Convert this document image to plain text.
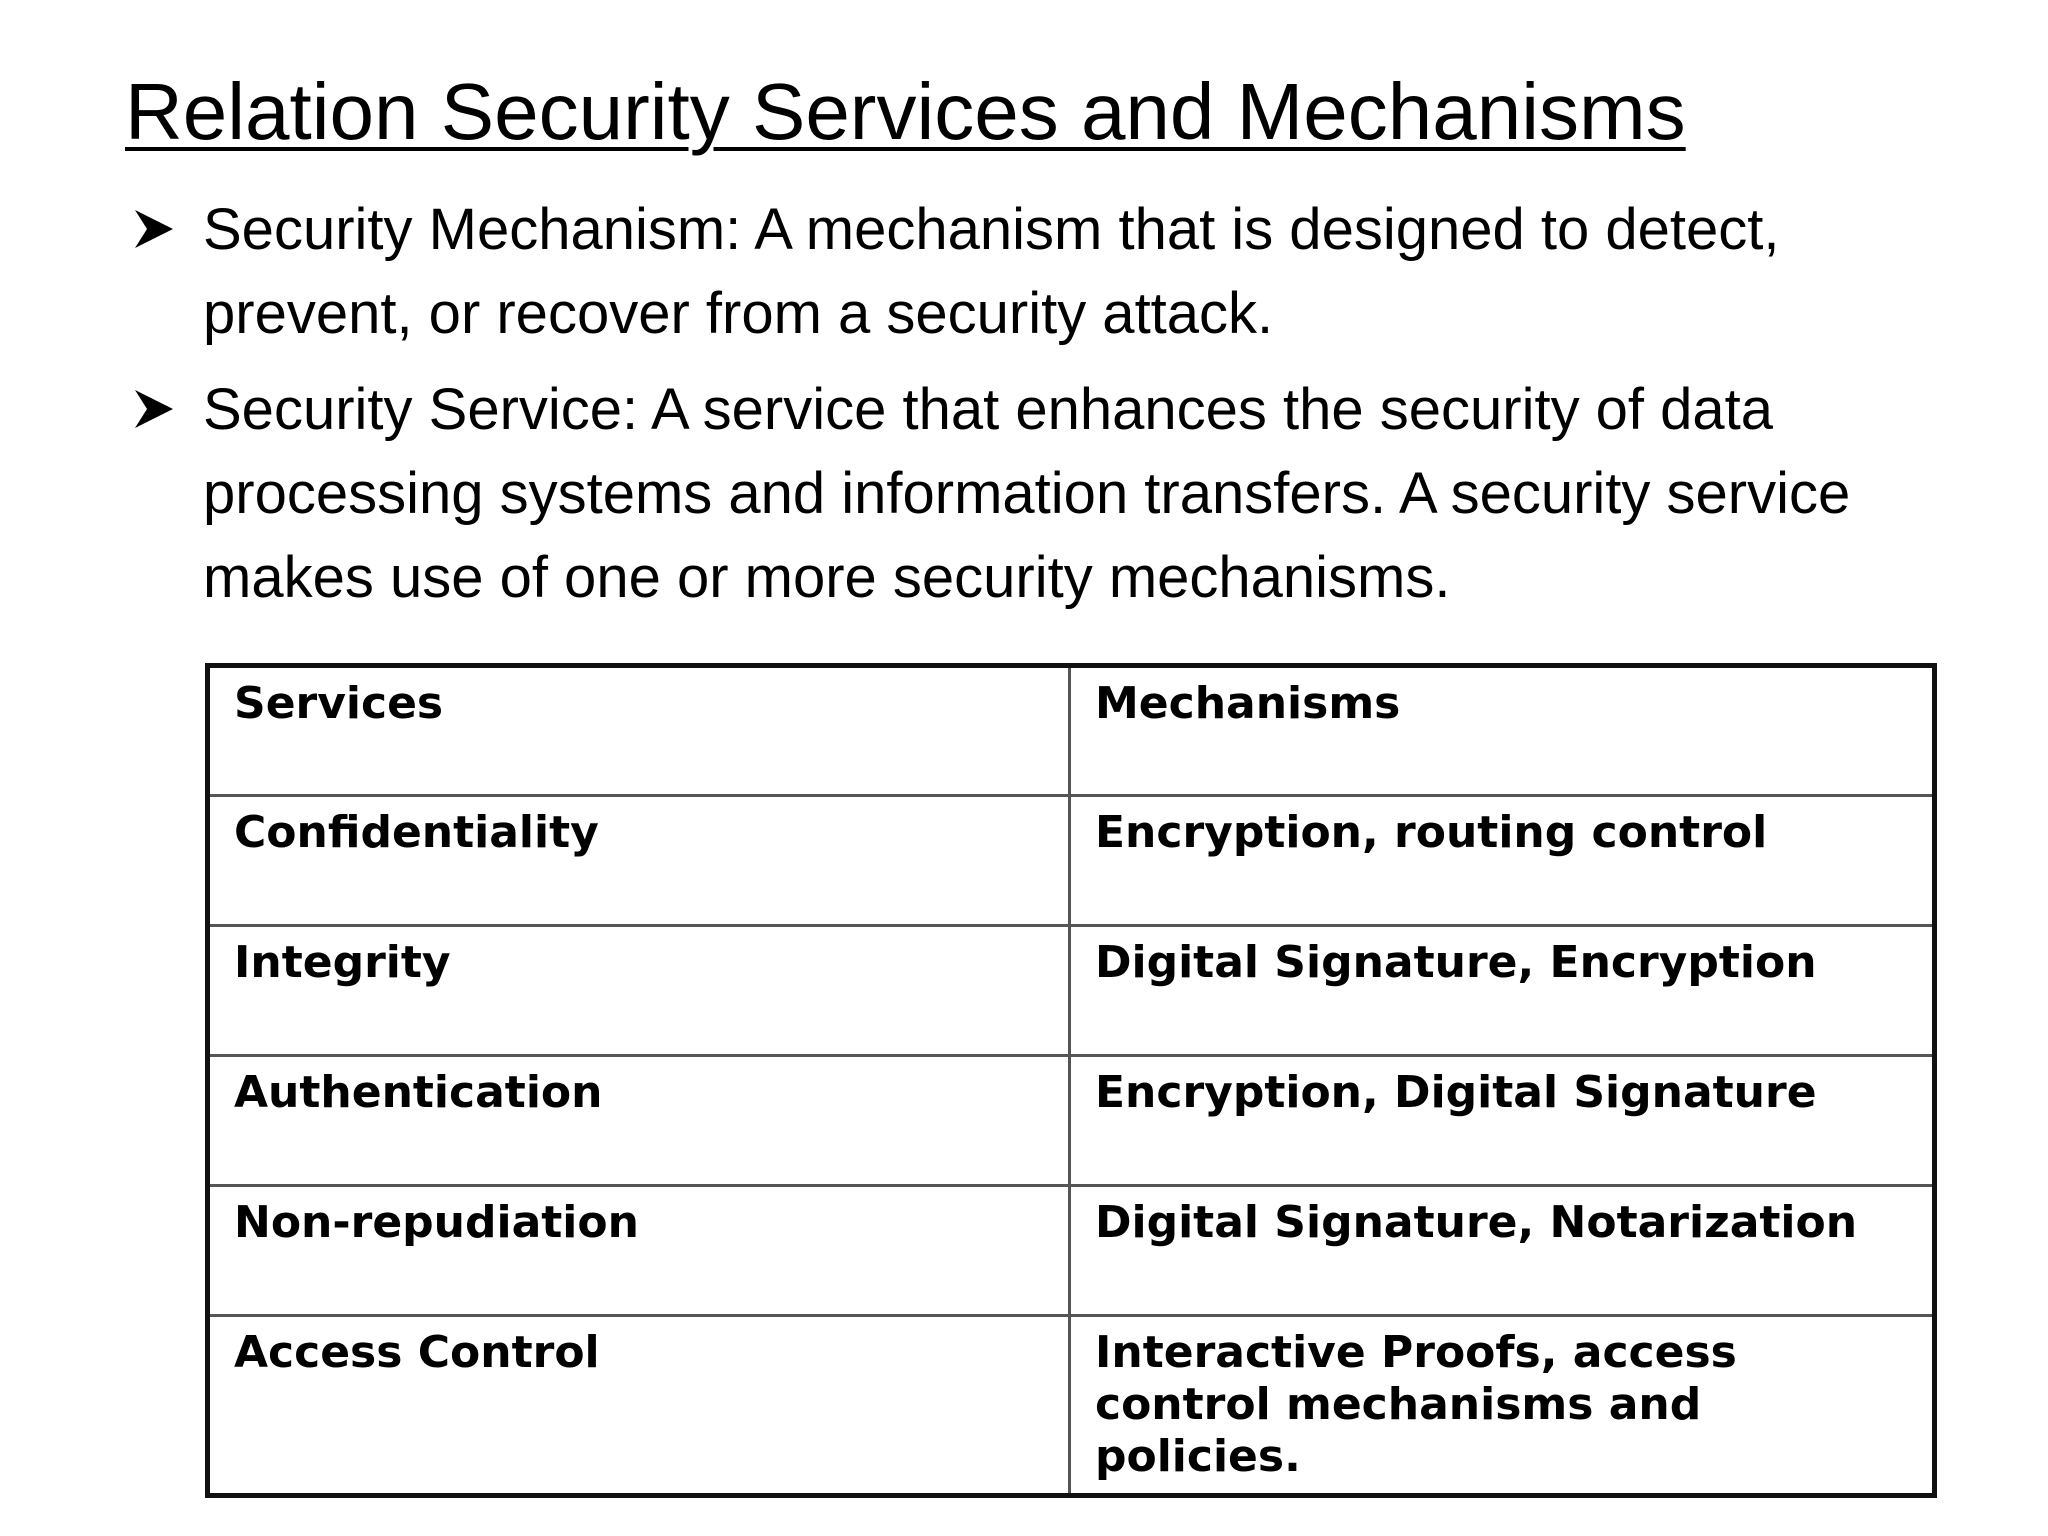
Relation Security Services and Mechanisms
Security Mechanism: A mechanism that is designed to detect, prevent, or recover from a security attack.
Security Service: A service that enhances the security of data processing systems and information transfers. A security service makes use of one or more security mechanisms.
Services	Mechanisms
Confidentiality	Encryption, routing control
Integrity	Digital Signature, Encryption
Authentication	Encryption, Digital Signature
Non-repudiation	Digital Signature, Notarization
Access Control	Interactive Proofs, access control mechanisms and policies.
